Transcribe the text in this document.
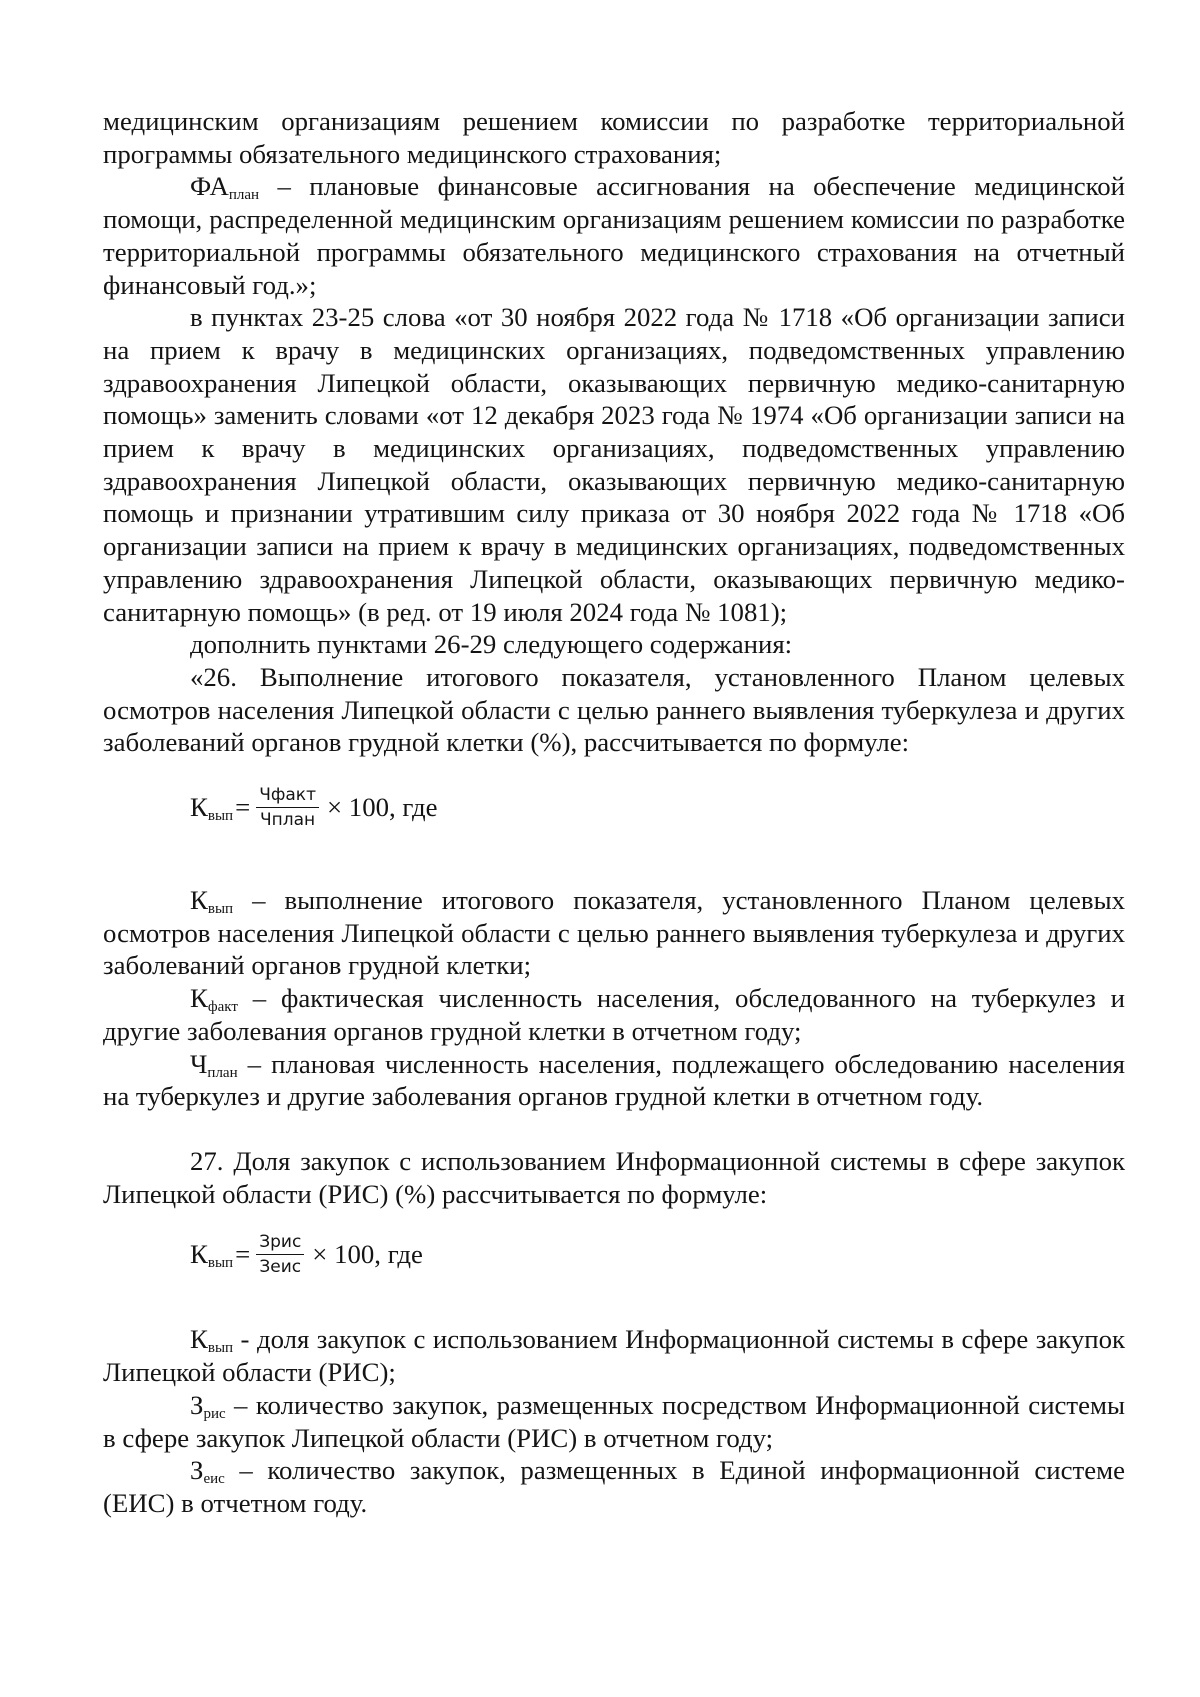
медицинским организациям решением комиссии по разработке территориальной программы обязательного медицинского страхования;

$ФА_{план}$ – плановые финансовые ассигнования на обеспечение медицинской помощи, распределенной медицинским организациям решением комиссии по разработке территориальной программы обязательного медицинского страхования на отчетный финансовый год.»;

в пунктах 23-25 слова «от 30 ноября 2022 года № 1718 «Об организации записи на прием к врачу в медицинских организациях, подведомственных управлению здравоохранения Липецкой области, оказывающих первичную медико-санитарную помощь» заменить словами «от 12 декабря 2023 года № 1974 «Об организации записи на прием к врачу в медицинских организациях, подведомственных управлению здравоохранения Липецкой области, оказывающих первичную медико-санитарную помощь и признании утратившим силу приказа от 30 ноября 2022 года № 1718 «Об организации записи на прием к врачу в медицинских организациях, подведомственных управлению здравоохранения Липецкой области, оказывающих первичную медико-санитарную помощь» (в ред. от 19 июля 2024 года № 1081);

дополнить пунктами 26-29 следующего содержания:

«26. Выполнение итогового показателя, установленного Планом целевых осмотров населения Липецкой области с целью раннего выявления туберкулеза и других заболеваний органов грудной клетки (%), рассчитывается по формуле:

$К_{вып} = \frac{\text{Чфакт}}{\text{Чплан}} \times 100$, где

$К_{вып}$ – выполнение итогового показателя, установленного Планом целевых осмотров населения Липецкой области с целью раннего выявления туберкулеза и других заболеваний органов грудной клетки;

$К_{факт}$ – фактическая численность населения, обследованного на туберкулез и другие заболевания органов грудной клетки в отчетном году;

$Ч_{план}$ – плановая численность населения, подлежащего обследованию населения на туберкулез и другие заболевания органов грудной клетки в отчетном году.

27. Доля закупок с использованием Информационной системы в сфере закупок Липецкой области (РИС) (%) рассчитывается по формуле:

$К_{вып} = \frac{\text{Зрис}}{\text{Зеис}} \times 100$, где

$К_{вып}$ - доля закупок с использованием Информационной системы в сфере закупок Липецкой области (РИС);

$З_{рис}$ – количество закупок, размещенных посредством Информационной системы в сфере закупок Липецкой области (РИС) в отчетном году;

$З_{еис}$ – количество закупок, размещенных в Единой информационной системе (ЕИС) в отчетном году.
